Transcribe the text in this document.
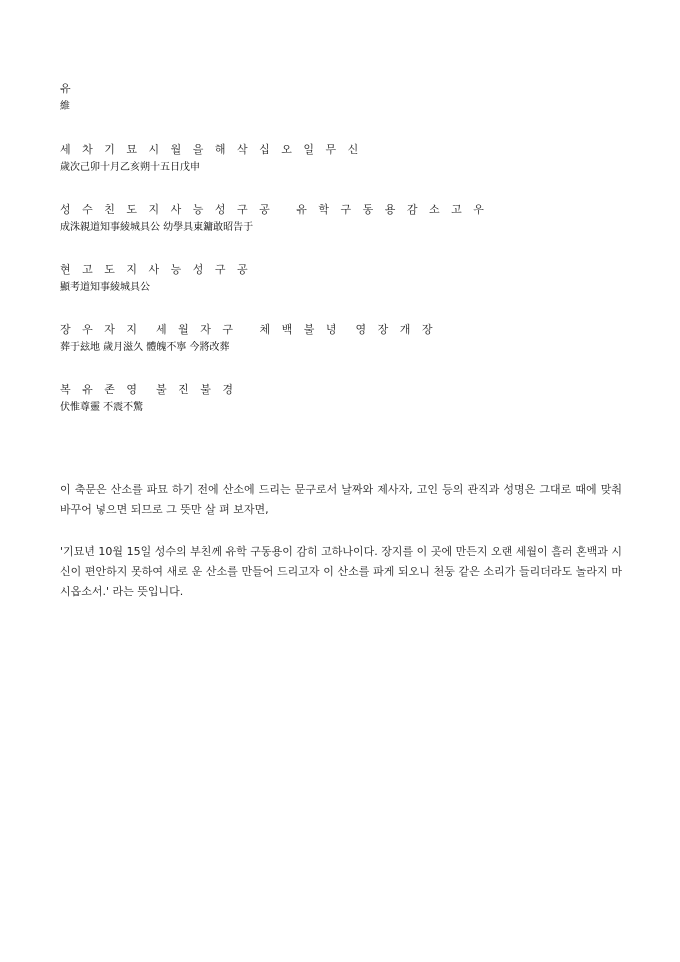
유
維
세 차 기 묘 시 월 을 해 삭 십 오 일 무 신
歲次己卯十月乙亥朔十五日戊申
성 수 친 도 지 사 능 성 구 공   유 학 구 동 용 감 소 고 우
成洙親道知事綾城具公 幼學具東鏞敢昭告于
현 고 도 지 사 능 성 구 공
顯考道知事綾城具公
장 우 자 지  세 월 자 구   체 백 불 녕  영 장 개 장
葬于玆地 歲月滋久 體魄不寧 今將改葬
복 유 존 영  불 진 불 경
伏惟尊靈 不震不驚

이 축문은 산소를 파묘 하기 전에 산소에 드리는 문구로서 날짜와 제사자, 고인 등의 관직과 성명은 그대로 때에 맞춰 바꾸어 넣으면 되므로 그 뜻만 살 펴 보자면,

'기묘년 10월 15일 성수의 부친께 유학 구동용이 감히 고하나이다. 장지를 이 곳에 만든지 오랜 세월이 흘러 혼백과 시신이 편안하지 못하여 새로 운 산소를 만들어 드리고자 이 산소를 파게 되오니 천둥 같은 소리가 들리더라도 놀라지 마시옵소서.' 라는 뜻입니다.
